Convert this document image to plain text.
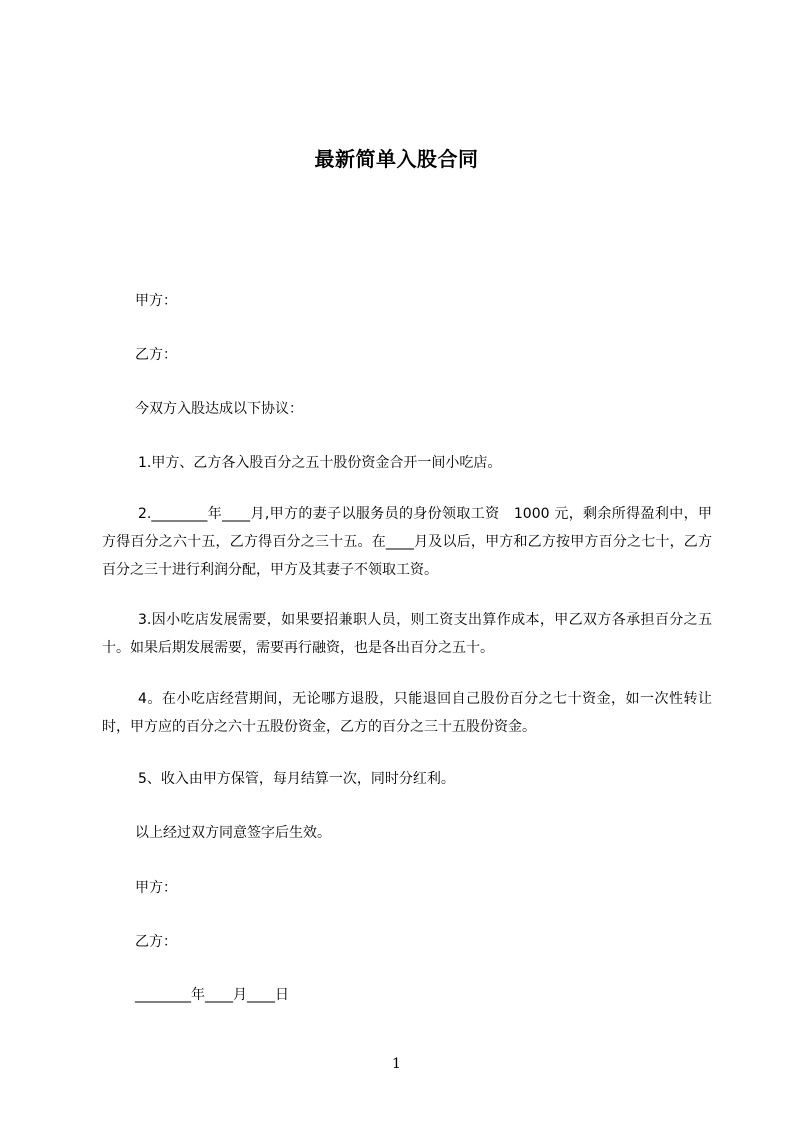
最新简单入股合同
甲方：
乙方：
今双方入股达成以下协议：
1.甲方、乙方各入股百分之五十股份资金合开一间小吃店。
2.________年____月,甲方的妻子以服务员的身份领取工资　1000 元，剩余所得盈利中，甲方得百分之六十五，乙方得百分之三十五。在____月及以后，甲方和乙方按甲方百分之七十，乙方百分之三十进行利润分配，甲方及其妻子不领取工资。
3.因小吃店发展需要，如果要招兼职人员，则工资支出算作成本，甲乙双方各承担百分之五十。如果后期发展需要，需要再行融资，也是各出百分之五十。
4。在小吃店经营期间，无论哪方退股，只能退回自己股份百分之七十资金，如一次性转让时，甲方应的百分之六十五股份资金，乙方的百分之三十五股份资金。
5、收入由甲方保管，每月结算一次，同时分红利。
以上经过双方同意签字后生效。
甲方：
乙方：
________年____月____日
1
